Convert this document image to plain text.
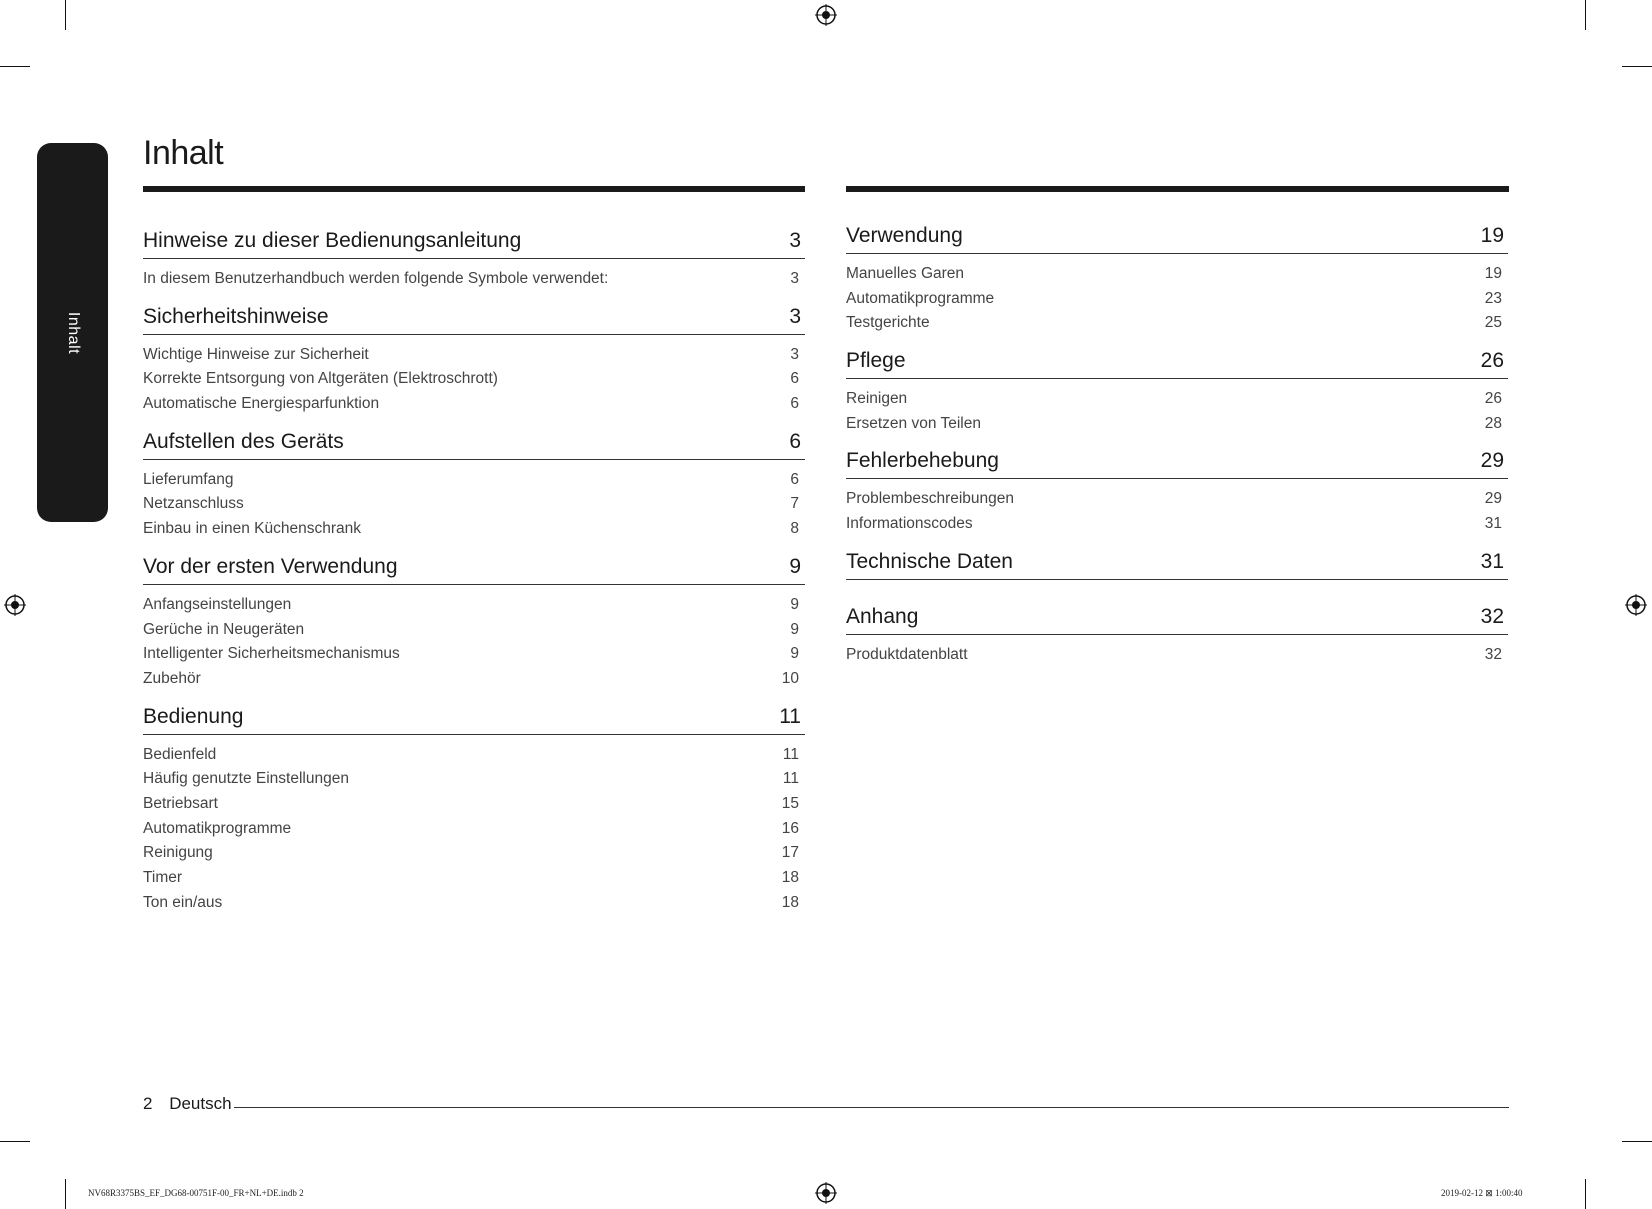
Inhalt
Inhalt
Hinweise zu dieser Bedienungsanleitung	3
In diesem Benutzerhandbuch werden folgende Symbole verwendet:	3
Sicherheitshinweise	3
Wichtige Hinweise zur Sicherheit	3
Korrekte Entsorgung von Altgeräten (Elektroschrott)	6
Automatische Energiesparfunktion	6
Aufstellen des Geräts	6
Lieferumfang	6
Netzanschluss	7
Einbau in einen Küchenschrank	8
Vor der ersten Verwendung	9
Anfangseinstellungen	9
Gerüche in Neugeräten	9
Intelligenter Sicherheitsmechanismus	9
Zubehör	10
Bedienung	11
Bedienfeld	11
Häufig genutzte Einstellungen	11
Betriebsart	15
Automatikprogramme	16
Reinigung	17
Timer	18
Ton ein/aus	18
Verwendung	19
Manuelles Garen	19
Automatikprogramme	23
Testgerichte	25
Pflege	26
Reinigen	26
Ersetzen von Teilen	28
Fehlerbehebung	29
Problembeschreibungen	29
Informationscodes	31
Technische Daten	31
Anhang	32
Produktdatenblatt	32
2 Deutsch
NV68R3375BS_EF_DG68-00751F-00_FR+NL+DE.indb 2	2019-02-12 ⊠ 1:00:40
